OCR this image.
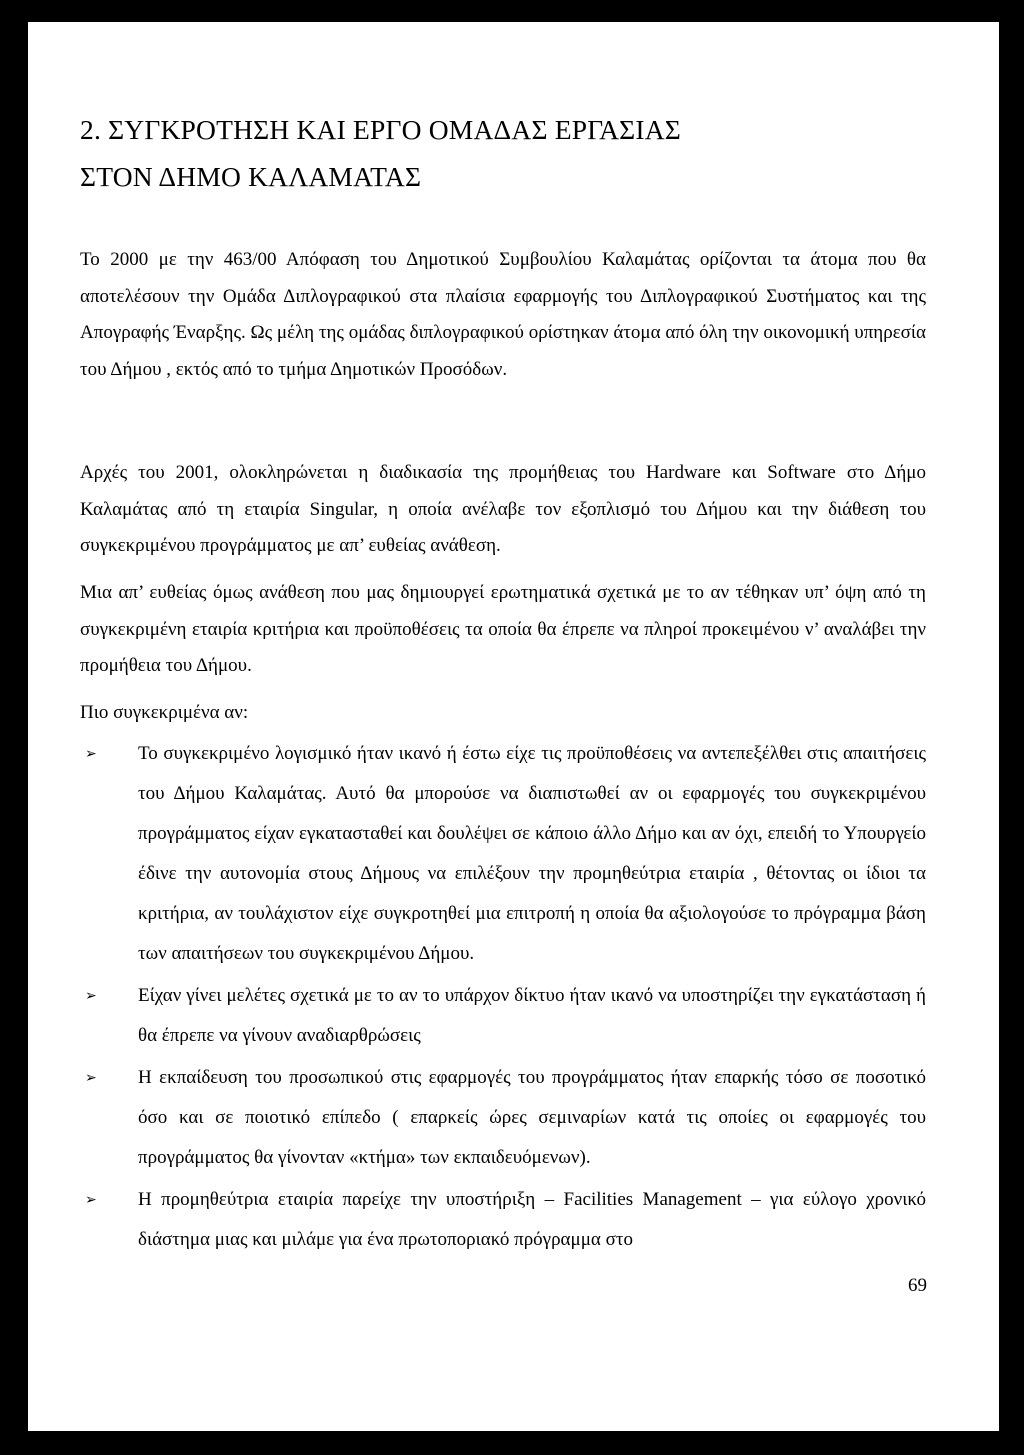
2. ΣΥΓΚΡΟΤΗΣΗ ΚΑΙ ΕΡΓΟ ΟΜΑΔΑΣ ΕΡΓΑΣΙΑΣ
ΣΤΟΝ ΔΗΜΟ ΚΑΛΑΜΑΤΑΣ

Το 2000 με την 463/00 Απόφαση του Δημοτικού Συμβουλίου Καλαμάτας ορίζονται τα άτομα που θα αποτελέσουν την Ομάδα Διπλογραφικού στα πλαίσια εφαρμογής του Διπλογραφικού Συστήματος και της Απογραφής Έναρξης. Ως μέλη της ομάδας διπλογραφικού ορίστηκαν άτομα από όλη την οικονομική υπηρεσία του Δήμου , εκτός από το τμήμα Δημοτικών Προσόδων.

Αρχές του 2001, ολοκληρώνεται η διαδικασία της προμήθειας του Hardware και Software στο Δήμο Καλαμάτας από τη εταιρία Singular, η οποία ανέλαβε τον εξοπλισμό του Δήμου και την διάθεση του συγκεκριμένου προγράμματος με απ’ ευθείας ανάθεση.

Μια απ’ ευθείας όμως ανάθεση που μας δημιουργεί ερωτηματικά σχετικά με το αν τέθηκαν υπ’ όψη από τη συγκεκριμένη εταιρία κριτήρια και προϋποθέσεις τα οποία θα έπρεπε να πληροί προκειμένου ν’ αναλάβει την προμήθεια του Δήμου.

Πιο συγκεκριμένα αν:

➢ Το συγκεκριμένο λογισμικό ήταν ικανό ή έστω είχε τις προϋποθέσεις να αντεπεξέλθει στις απαιτήσεις του Δήμου Καλαμάτας. Αυτό θα μπορούσε να διαπιστωθεί αν οι εφαρμογές του συγκεκριμένου προγράμματος είχαν εγκατασταθεί και δουλέψει σε κάποιο άλλο Δήμο και αν όχι, επειδή το Υπουργείο έδινε την αυτονομία στους Δήμους να επιλέξουν την προμηθεύτρια εταιρία , θέτοντας οι ίδιοι τα κριτήρια, αν τουλάχιστον είχε συγκροτηθεί μια επιτροπή η οποία θα αξιολογούσε το πρόγραμμα βάση των απαιτήσεων του συγκεκριμένου Δήμου.
➢ Είχαν γίνει μελέτες σχετικά με το αν το υπάρχον δίκτυο ήταν ικανό να υποστηρίζει την εγκατάσταση ή θα έπρεπε να γίνουν αναδιαρθρώσεις
➢ Η εκπαίδευση του προσωπικού στις εφαρμογές του προγράμματος ήταν επαρκής τόσο σε ποσοτικό όσο και σε ποιοτικό επίπεδο ( επαρκείς ώρες σεμιναρίων κατά τις οποίες οι εφαρμογές του προγράμματος θα γίνονταν «κτήμα» των εκπαιδευόμενων).
➢ Η προμηθεύτρια εταιρία παρείχε την υποστήριξη – Facilities Management – για εύλογο χρονικό διάστημα μιας και μιλάμε για ένα πρωτοποριακό πρόγραμμα στο
69
